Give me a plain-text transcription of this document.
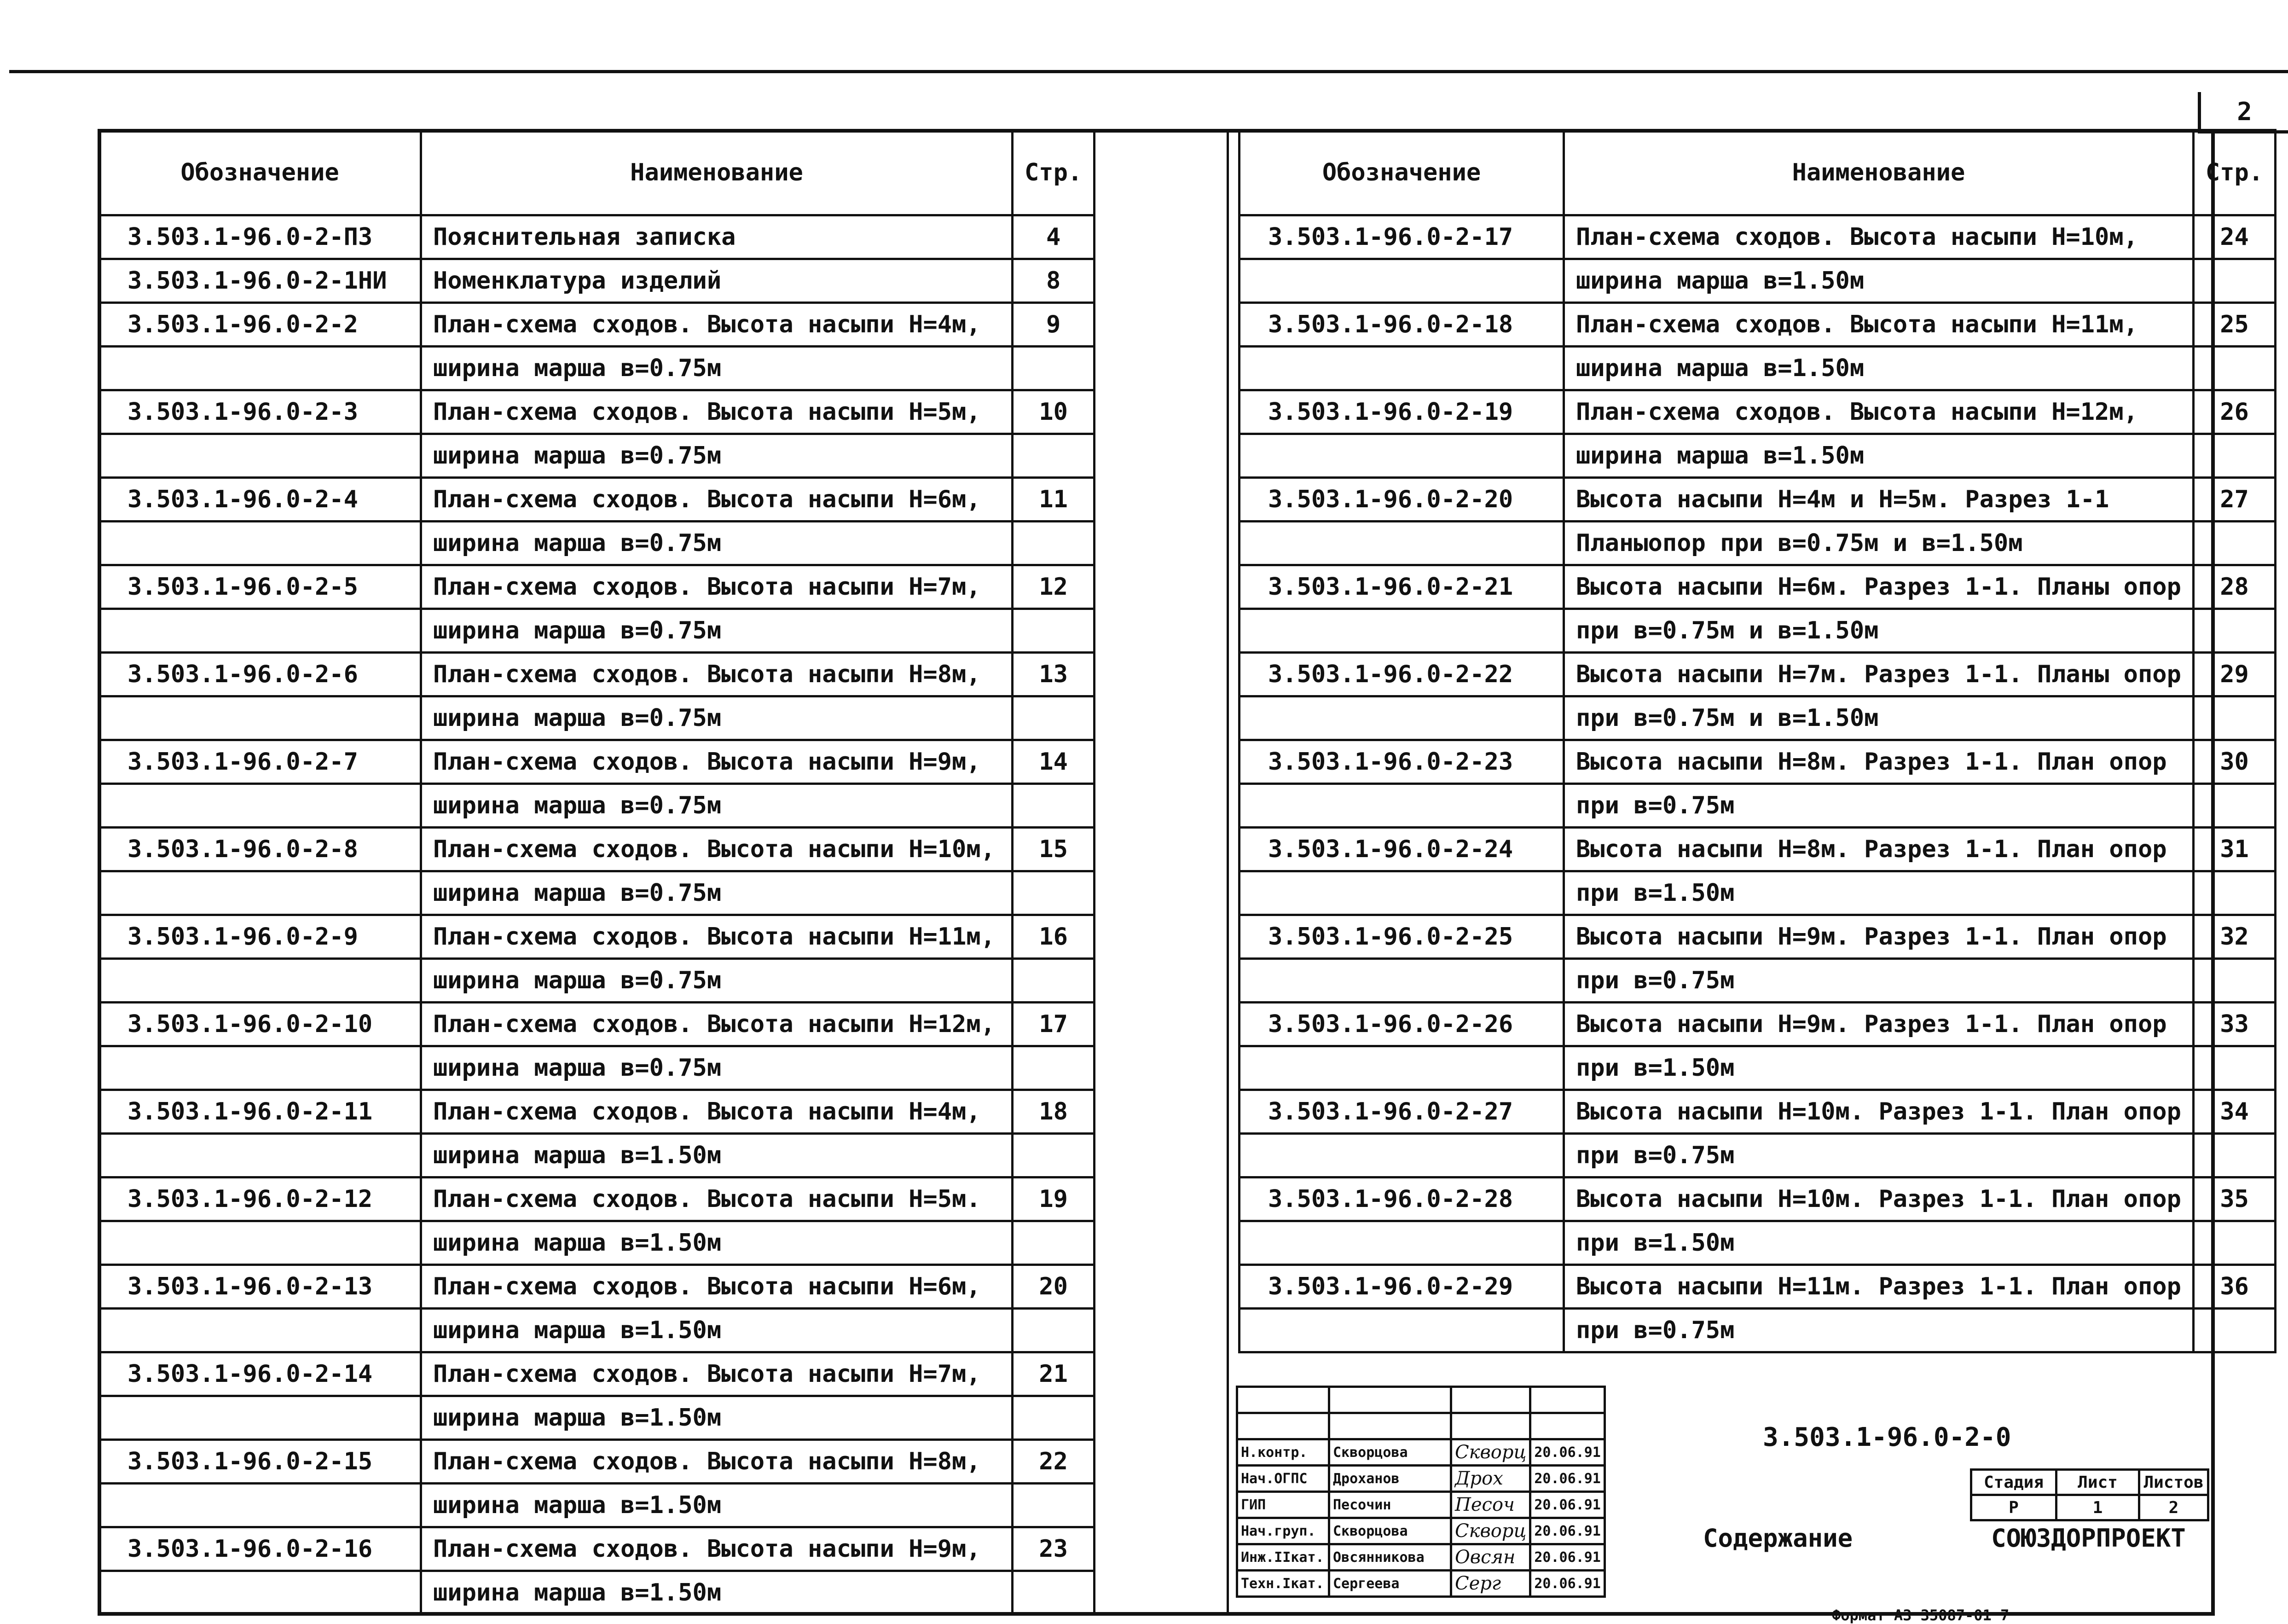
2
Обозначение	Наименование	Стр.	
3.503.1-96.0-2-ПЗ	Пояснительная записка	4	
3.503.1-96.0-2-1НИ	Номенклатура изделий	8	
3.503.1-96.0-2-2	План-схема сходов. Высота насыпи Н=4м,	9	
	ширина марша в=0.75м		
3.503.1-96.0-2-3	План-схема сходов. Высота насыпи Н=5м,	10	
	ширина марша в=0.75м		
3.503.1-96.0-2-4	План-схема сходов. Высота насыпи Н=6м,	11	
	ширина марша в=0.75м		
3.503.1-96.0-2-5	План-схема сходов. Высота насыпи Н=7м,	12	
	ширина марша в=0.75м		
3.503.1-96.0-2-6	План-схема сходов. Высота насыпи Н=8м,	13	
	ширина марша в=0.75м		
3.503.1-96.0-2-7	План-схема сходов. Высота насыпи Н=9м,	14	
	ширина марша в=0.75м		
3.503.1-96.0-2-8	План-схема сходов. Высота насыпи Н=10м,	15	
	ширина марша в=0.75м		
3.503.1-96.0-2-9	План-схема сходов. Высота насыпи Н=11м,	16	
	ширина марша в=0.75м		
3.503.1-96.0-2-10	План-схема сходов. Высота насыпи Н=12м,	17	
	ширина марша в=0.75м		
3.503.1-96.0-2-11	План-схема сходов. Высота насыпи Н=4м,	18	
	ширина марша в=1.50м		
3.503.1-96.0-2-12	План-схема сходов. Высота насыпи Н=5м.	19	
	ширина марша в=1.50м		
3.503.1-96.0-2-13	План-схема сходов. Высота насыпи Н=6м,	20	
	ширина марша в=1.50м		
3.503.1-96.0-2-14	План-схема сходов. Высота насыпи Н=7м,	21	
	ширина марша в=1.50м		
3.503.1-96.0-2-15	План-схема сходов. Высота насыпи Н=8м,	22	
	ширина марша в=1.50м		
3.503.1-96.0-2-16	План-схема сходов. Высота насыпи Н=9м,	23	
	ширина марша в=1.50м		
Обозначение	Наименование	Стр.
3.503.1-96.0-2-17	План-схема сходов. Высота насыпи Н=10м,	24
	ширина марша в=1.50м	
3.503.1-96.0-2-18	План-схема сходов. Высота насыпи Н=11м,	25
	ширина марша в=1.50м	
3.503.1-96.0-2-19	План-схема сходов. Высота насыпи Н=12м,	26
	ширина марша в=1.50м	
3.503.1-96.0-2-20	Высота насыпи Н=4м и Н=5м. Разрез 1-1	27
	Планыопор при в=0.75м и в=1.50м	
3.503.1-96.0-2-21	Высота насыпи Н=6м. Разрез 1-1. Планы опор	28
	при в=0.75м и в=1.50м	
3.503.1-96.0-2-22	Высота насыпи Н=7м. Разрез 1-1. Планы опор	29
	при в=0.75м и в=1.50м	
3.503.1-96.0-2-23	Высота насыпи Н=8м. Разрез 1-1. План опор	30
	при в=0.75м	
3.503.1-96.0-2-24	Высота насыпи Н=8м. Разрез 1-1. План опор	31
	при в=1.50м	
3.503.1-96.0-2-25	Высота насыпи Н=9м. Разрез 1-1. План опор	32
	при в=0.75м	
3.503.1-96.0-2-26	Высота насыпи Н=9м. Разрез 1-1. План опор	33
	при в=1.50м	
3.503.1-96.0-2-27	Высота насыпи Н=10м. Разрез 1-1. План опор	34
	при в=0.75м	
3.503.1-96.0-2-28	Высота насыпи Н=10м. Разрез 1-1. План опор	35
	при в=1.50м	
3.503.1-96.0-2-29	Высота насыпи Н=11м. Разрез 1-1. План опор	36
	при в=0.75м	

Н.контр.	Скворцова	Скворц	20.06.91
Нач.ОГПС	Дроханов	Дрох	20.06.91
ГИП	Песочин	Песоч	20.06.91
Нач.груп.	Скворцова	Скворц	20.06.91
Инж.IIкат.	Овсянникова	Овсян	20.06.91
Техн.Iкат.	Сергеева	Серг	20.06.91
3.503.1-96.0-2-0
Содержание
Стадия	Лист	Листов
Р	1	2
СОЮЗДОРПРОЕКТ
Формат А3 35087-01 7
